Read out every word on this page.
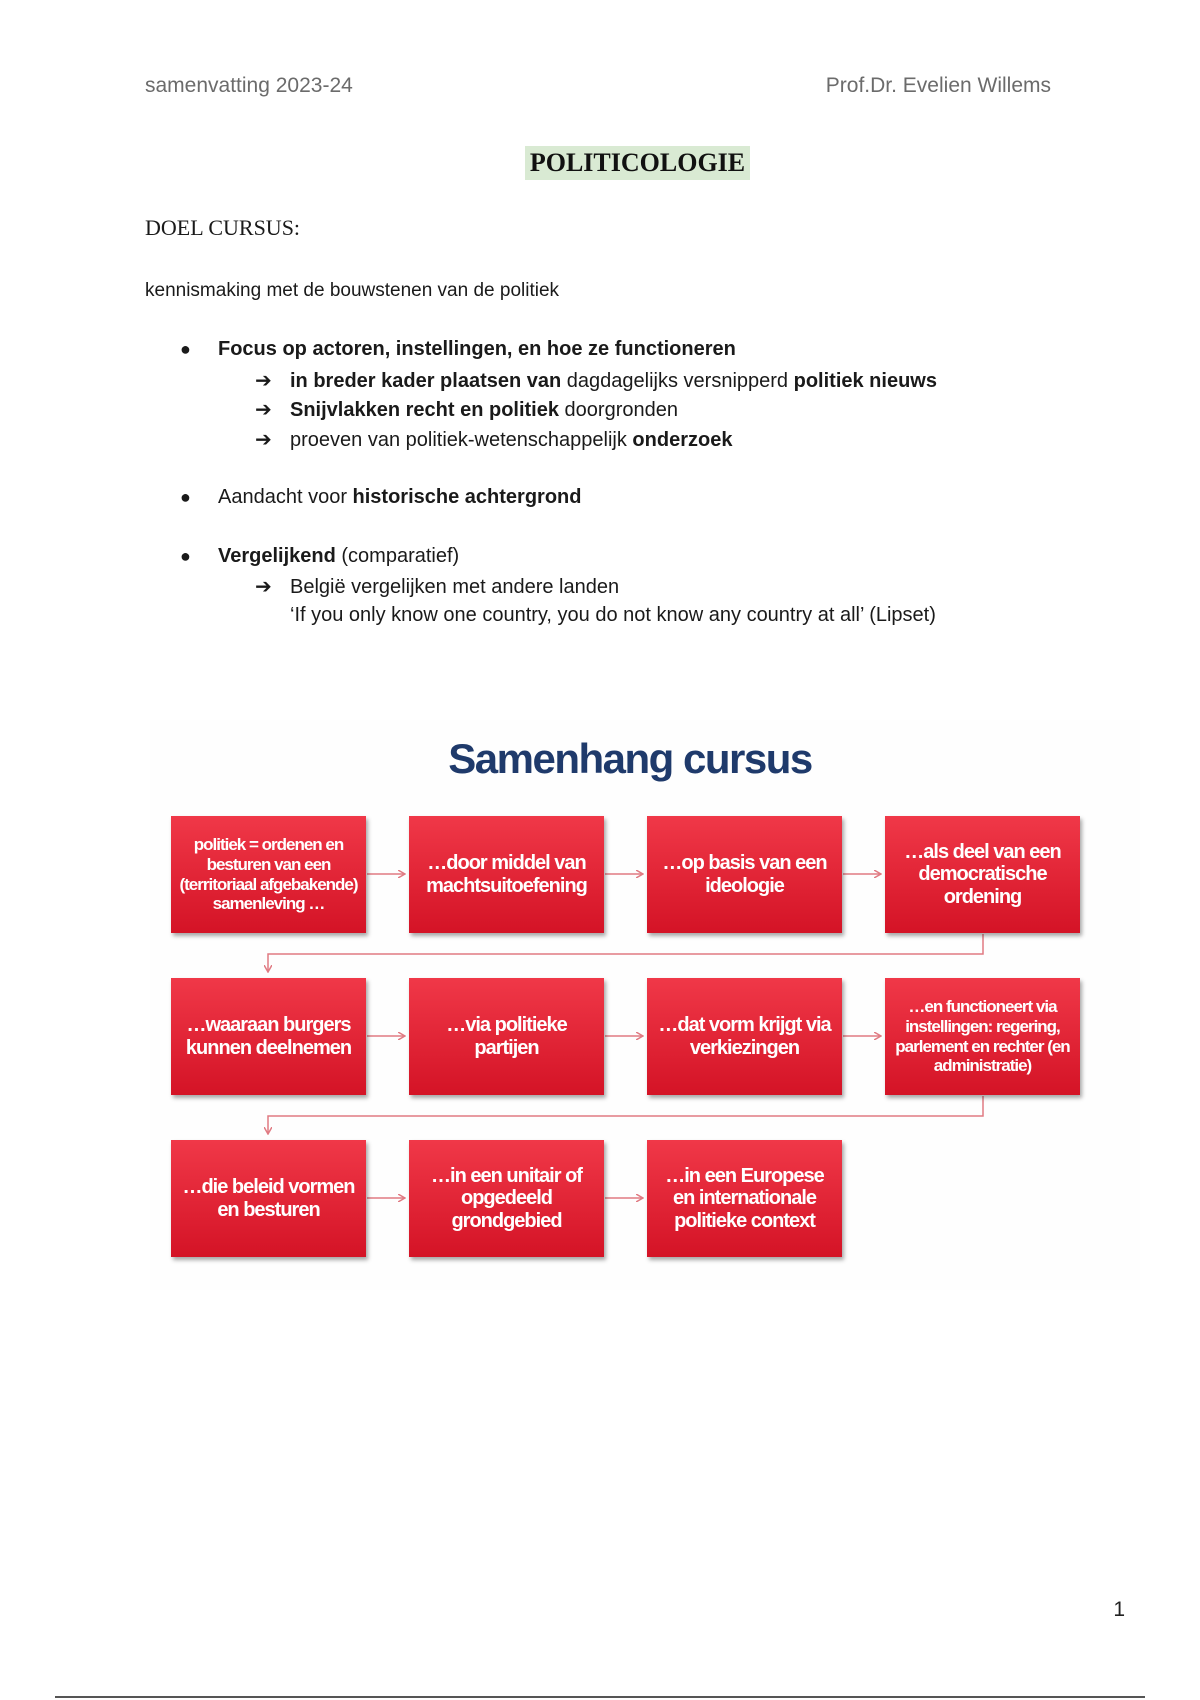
samenvatting 2023-24	Prof.Dr. Evelien Willems
POLITICOLOGIE
DOEL CURSUS:
kennismaking met de bouwstenen van de politiek
● Focus op actoren, instellingen, en hoe ze functioneren
➔ in breder kader plaatsen van dagdagelijks versnipperd politiek nieuws
➔ Snijvlakken recht en politiek doorgronden
➔ proeven van politiek-wetenschappelijk onderzoek
● Aandacht voor historische achtergrond
● Vergelijkend (comparatief)
➔ België vergelijken met andere landen
‘If you only know one country, you do not know any country at all’ (Lipset)
Samenhang cursus
politiek = ordenen en besturen van een (territoriaal afgebakende) samenleving …
…door middel van machtsuitoefening
…op basis van een ideologie
…als deel van een democratische ordening
…waaraan burgers kunnen deelnemen
…via politieke partijen
…dat vorm krijgt via verkiezingen
…en functioneert via instellingen: regering, parlement en rechter (en administratie)
…die beleid vormen en besturen
…in een unitair of opgedeeld grondgebied
…in een Europese en internationale politieke context
1
